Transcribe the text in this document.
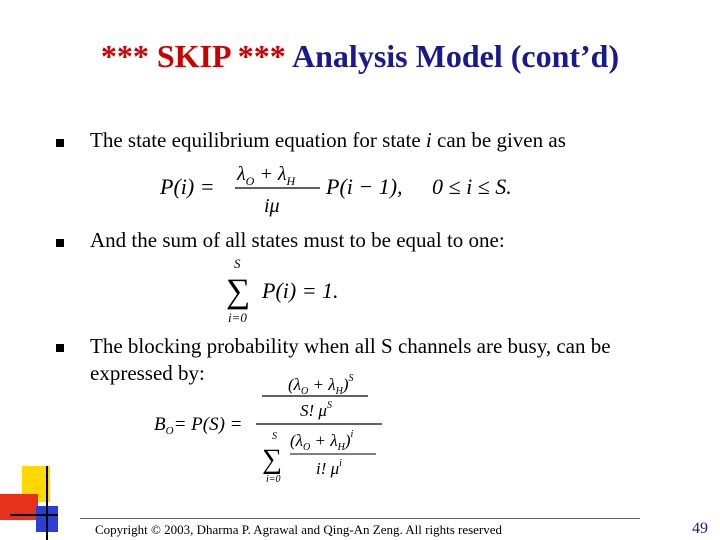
*** SKIP *** Analysis Model (cont’d)
The state equilibrium equation for state i can be given as
$P(i) = \lambda_O + \lambda_H$
iμ
P(i − 1), 0 ≤ i ≤ S.
And the sum of all states must to be equal to one:
S
∑
i=0
P(i) = 1.
The blocking probability when all S channels are busy, can be expressed by:
$B_O= P(S)$ =
$(\lambda_O + \lambda_H)^S$
S! $\mu^S$
S
∑
i=0
$(\lambda_O + \lambda_H)^i$
i! $\mu^i$
Copyright © 2003, Dharma P. Agrawal and Qing-An Zeng. All rights reserved	49
